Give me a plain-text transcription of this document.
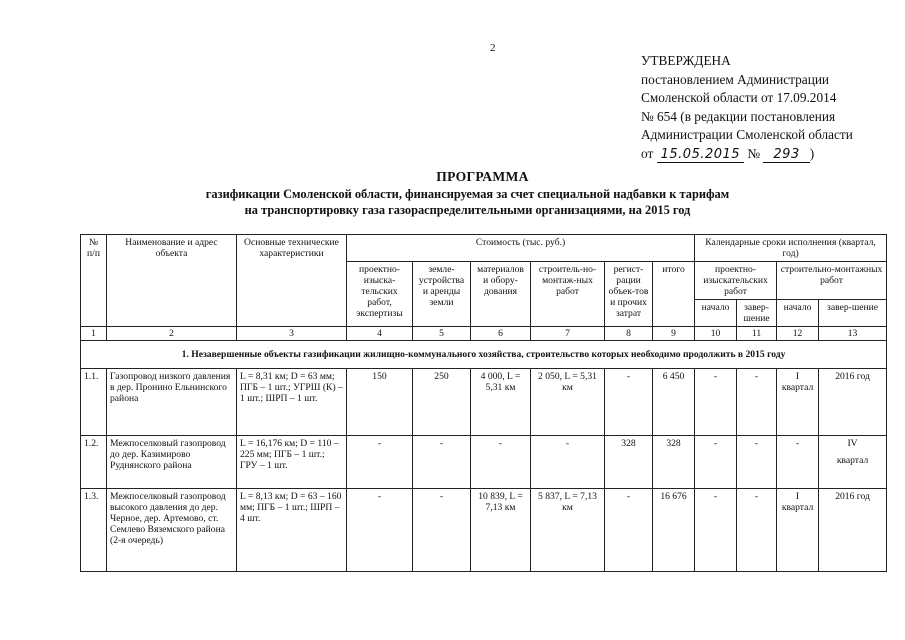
2
УТВЕРЖДЕНА
постановлением Администрации
Смоленской области от 17.09.2014
№ 654 (в редакции постановления
Администрации Смоленской области
от 15.05.2015 № 293 )
ПРОГРАММА
газификации Смоленской области, финансируемая за счет специальной надбавки к тарифам
на транспортировку газа газораспределительными организациями, на 2015 год
№ п/п	Наименование и адрес объекта	Основные технические характеристики	Стоимость (тыс. руб.)						Календарные сроки исполнения (квартал, год)			
			проектно-изыска-тельских работ, экспертизы	земле-устройства и аренды земли	материалов и обору-дования	строитель-но-монтаж-ных работ	регист-рации объек-тов и прочих затрат	итого	проектно-изыскательских работ		строительно-монтажных работ	
									начало	завер-шение	начало	завер-шение
1	2	3	4	5	6	7	8	9	10	11	12	13
1. Незавершенные объекты газификации жилищно-коммунального хозяйства, строительство которых необходимо продолжить в 2015 году												
1.1.	Газопровод низкого давления в дер. Пронино Ельнинского района	L = 8,31 км; D = 63 мм; ПГБ – 1 шт.; УГРШ (К) – 1 шт.; ШРП – 1 шт.	150	250	4 000, L = 5,31 км	2 050, L = 5,31 км	-	6 450	-	-	I квартал	2016 год
1.2.	Межпоселковый газопровод до дер. Казимирово Руднянского района	L = 16,176 км; D = 110 – 225 мм; ПГБ – 1 шт.; ГРУ – 1 шт.	-	-	-	-	328	328	-	-	-	IV
квартал

1.3.	Межпоселковый газопровод высокого давления до дер. Черное, дер. Артемово, ст. Семлево Вяземского района (2-я очередь)	L = 8,13 км; D = 63 – 160 мм; ПГБ – 1 шт.; ШРП – 4 шт.	-	-	10 839, L = 7,13 км	5 837, L = 7,13 км	-	16 676	-	-	I квартал	2016 год
